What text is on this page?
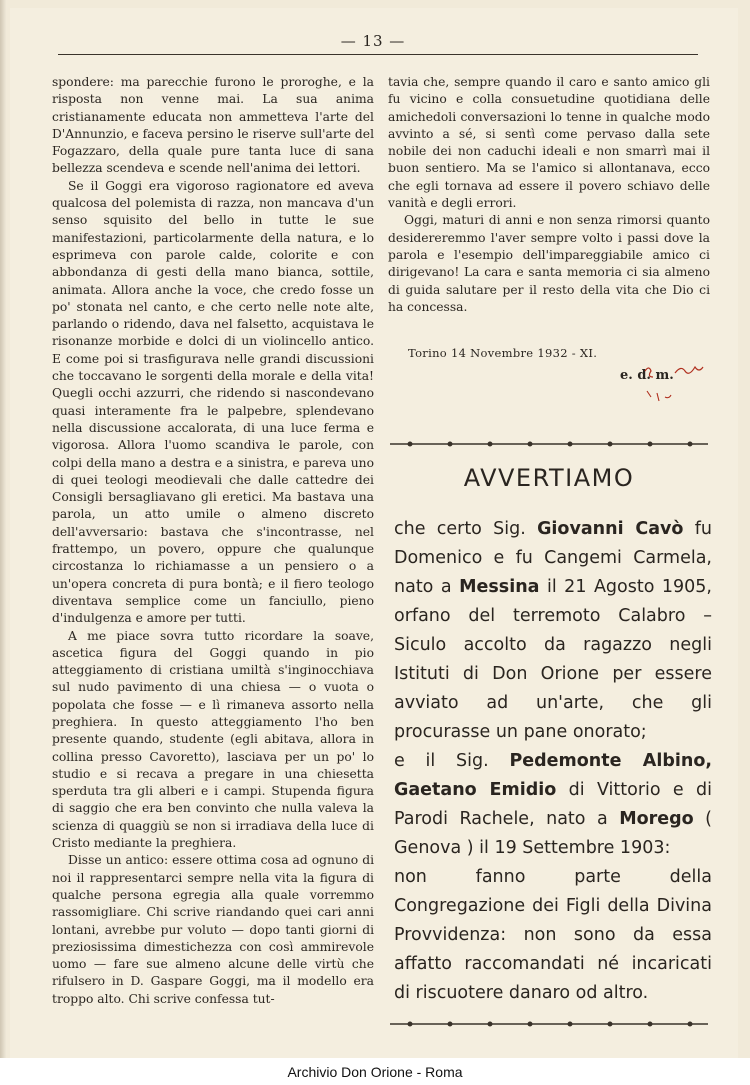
— 13 —

spondere: ma parecchie furono le proroghe, e la risposta non venne mai. La sua anima cristianamente educata non ammetteva l'arte del D'Annunzio, e faceva persino le riserve sull'arte del Fogazzaro, della quale pure tanta luce di sana bellezza scendeva e scende nell'anima dei lettori.

Se il Goggi era vigoroso ragionatore ed aveva qualcosa del polemista di razza, non mancava d'un senso squisito del bello in tutte le sue manifestazioni, particolarmente della natura, e lo esprimeva con parole calde, colorite e con abbondanza di gesti della mano bianca, sottile, animata. Allora anche la voce, che credo fosse un po' stonata nel canto, e che certo nelle note alte, parlando o ridendo, dava nel falsetto, acquistava le risonanze morbide e dolci di un violincello antico. E come poi si trasfigurava nelle grandi discussioni che toccavano le sorgenti della morale e della vita! Quegli occhi azzurri, che ridendo si nascondevano quasi interamente fra le palpebre, splendevano nella discussione accalorata, di una luce ferma e vigorosa. Allora l'uomo scandiva le parole, con colpi della mano a destra e a sinistra, e pareva uno di quei teologi meodievali che dalle cattedre dei Consigli bersagliavano gli eretici. Ma bastava una parola, un atto umile o almeno discreto dell'avversario: bastava che s'incontrasse, nel frattempo, un povero, oppure che qualunque circostanza lo richiamasse a un pensiero o a un'opera concreta di pura bontà; e il fiero teologo diventava semplice come un fanciullo, pieno d'indulgenza e amore per tutti.

A me piace sovra tutto ricordare la soave, ascetica figura del Goggi quando in pio atteggiamento di cristiana umiltà s'inginocchiava sul nudo pavimento di una chiesa — o vuota o popolata che fosse — e lì rimaneva assorto nella preghiera. In questo atteggiamento l'ho ben presente quando, studente (egli abitava, allora in collina presso Cavoretto), lasciava per un po' lo studio e si recava a pregare in una chiesetta sperduta tra gli alberi e i campi. Stupenda figura di saggio che era ben convinto che nulla valeva la scienza di quaggiù se non si irradiava della luce di Cristo mediante la preghiera.

Disse un antico: essere ottima cosa ad ognuno di noi il rappresentarci sempre nella vita la figura di qualche persona egregia alla quale vorremmo rassomigliare. Chi scrive riandando quei cari anni lontani, avrebbe pur voluto — dopo tanti giorni di preziosissima dimestichezza con così ammirevole uomo — fare sue almeno alcune delle virtù che rifulsero in D. Gaspare Goggi, ma il modello era troppo alto. Chi scrive confessa tut-

tavia che, sempre quando il caro e santo amico gli fu vicino e colla consuetudine quotidiana delle amichedoli conversazioni lo tenne in qualche modo avvinto a sé, si sentì come pervaso dalla sete nobile dei non caduchi ideali e non smarrì mai il buon sentiero. Ma se l'amico si allontanava, ecco che egli tornava ad essere il povero schiavo delle vanità e degli errori.

Oggi, maturi di anni e non senza rimorsi quanto desidereremmo l'aver sempre volto i passi dove la parola e l'esempio dell'impareggiabile amico ci dirigevano! La cara e santa memoria ci sia almeno di guida salutare per il resto della vita che Dio ci ha concessa.

Torino 14 Novembre 1932 - XI.
e. d. m.
AVVERTIAMO

che certo Sig. Giovanni Cavò fu Domenico e fu Cangemi Carmela, nato a Messina il 21 Agosto 1905, orfano del terremoto Calabro – Siculo accolto da ragazzo negli Istituti di Don Orione per essere avviato ad un'arte, che gli procurasse un pane onorato;

e il Sig. Pedemonte Albino, Gaetano Emidio di Vittorio e di Parodi Rachele, nato a Morego ( Genova ) il 19 Settembre 1903:

non fanno parte della Congregazione dei Figli della Divina Provvidenza: non sono da essa affatto raccomandati né incaricati di riscuotere danaro od altro.

Archivio Don Orione - Roma
